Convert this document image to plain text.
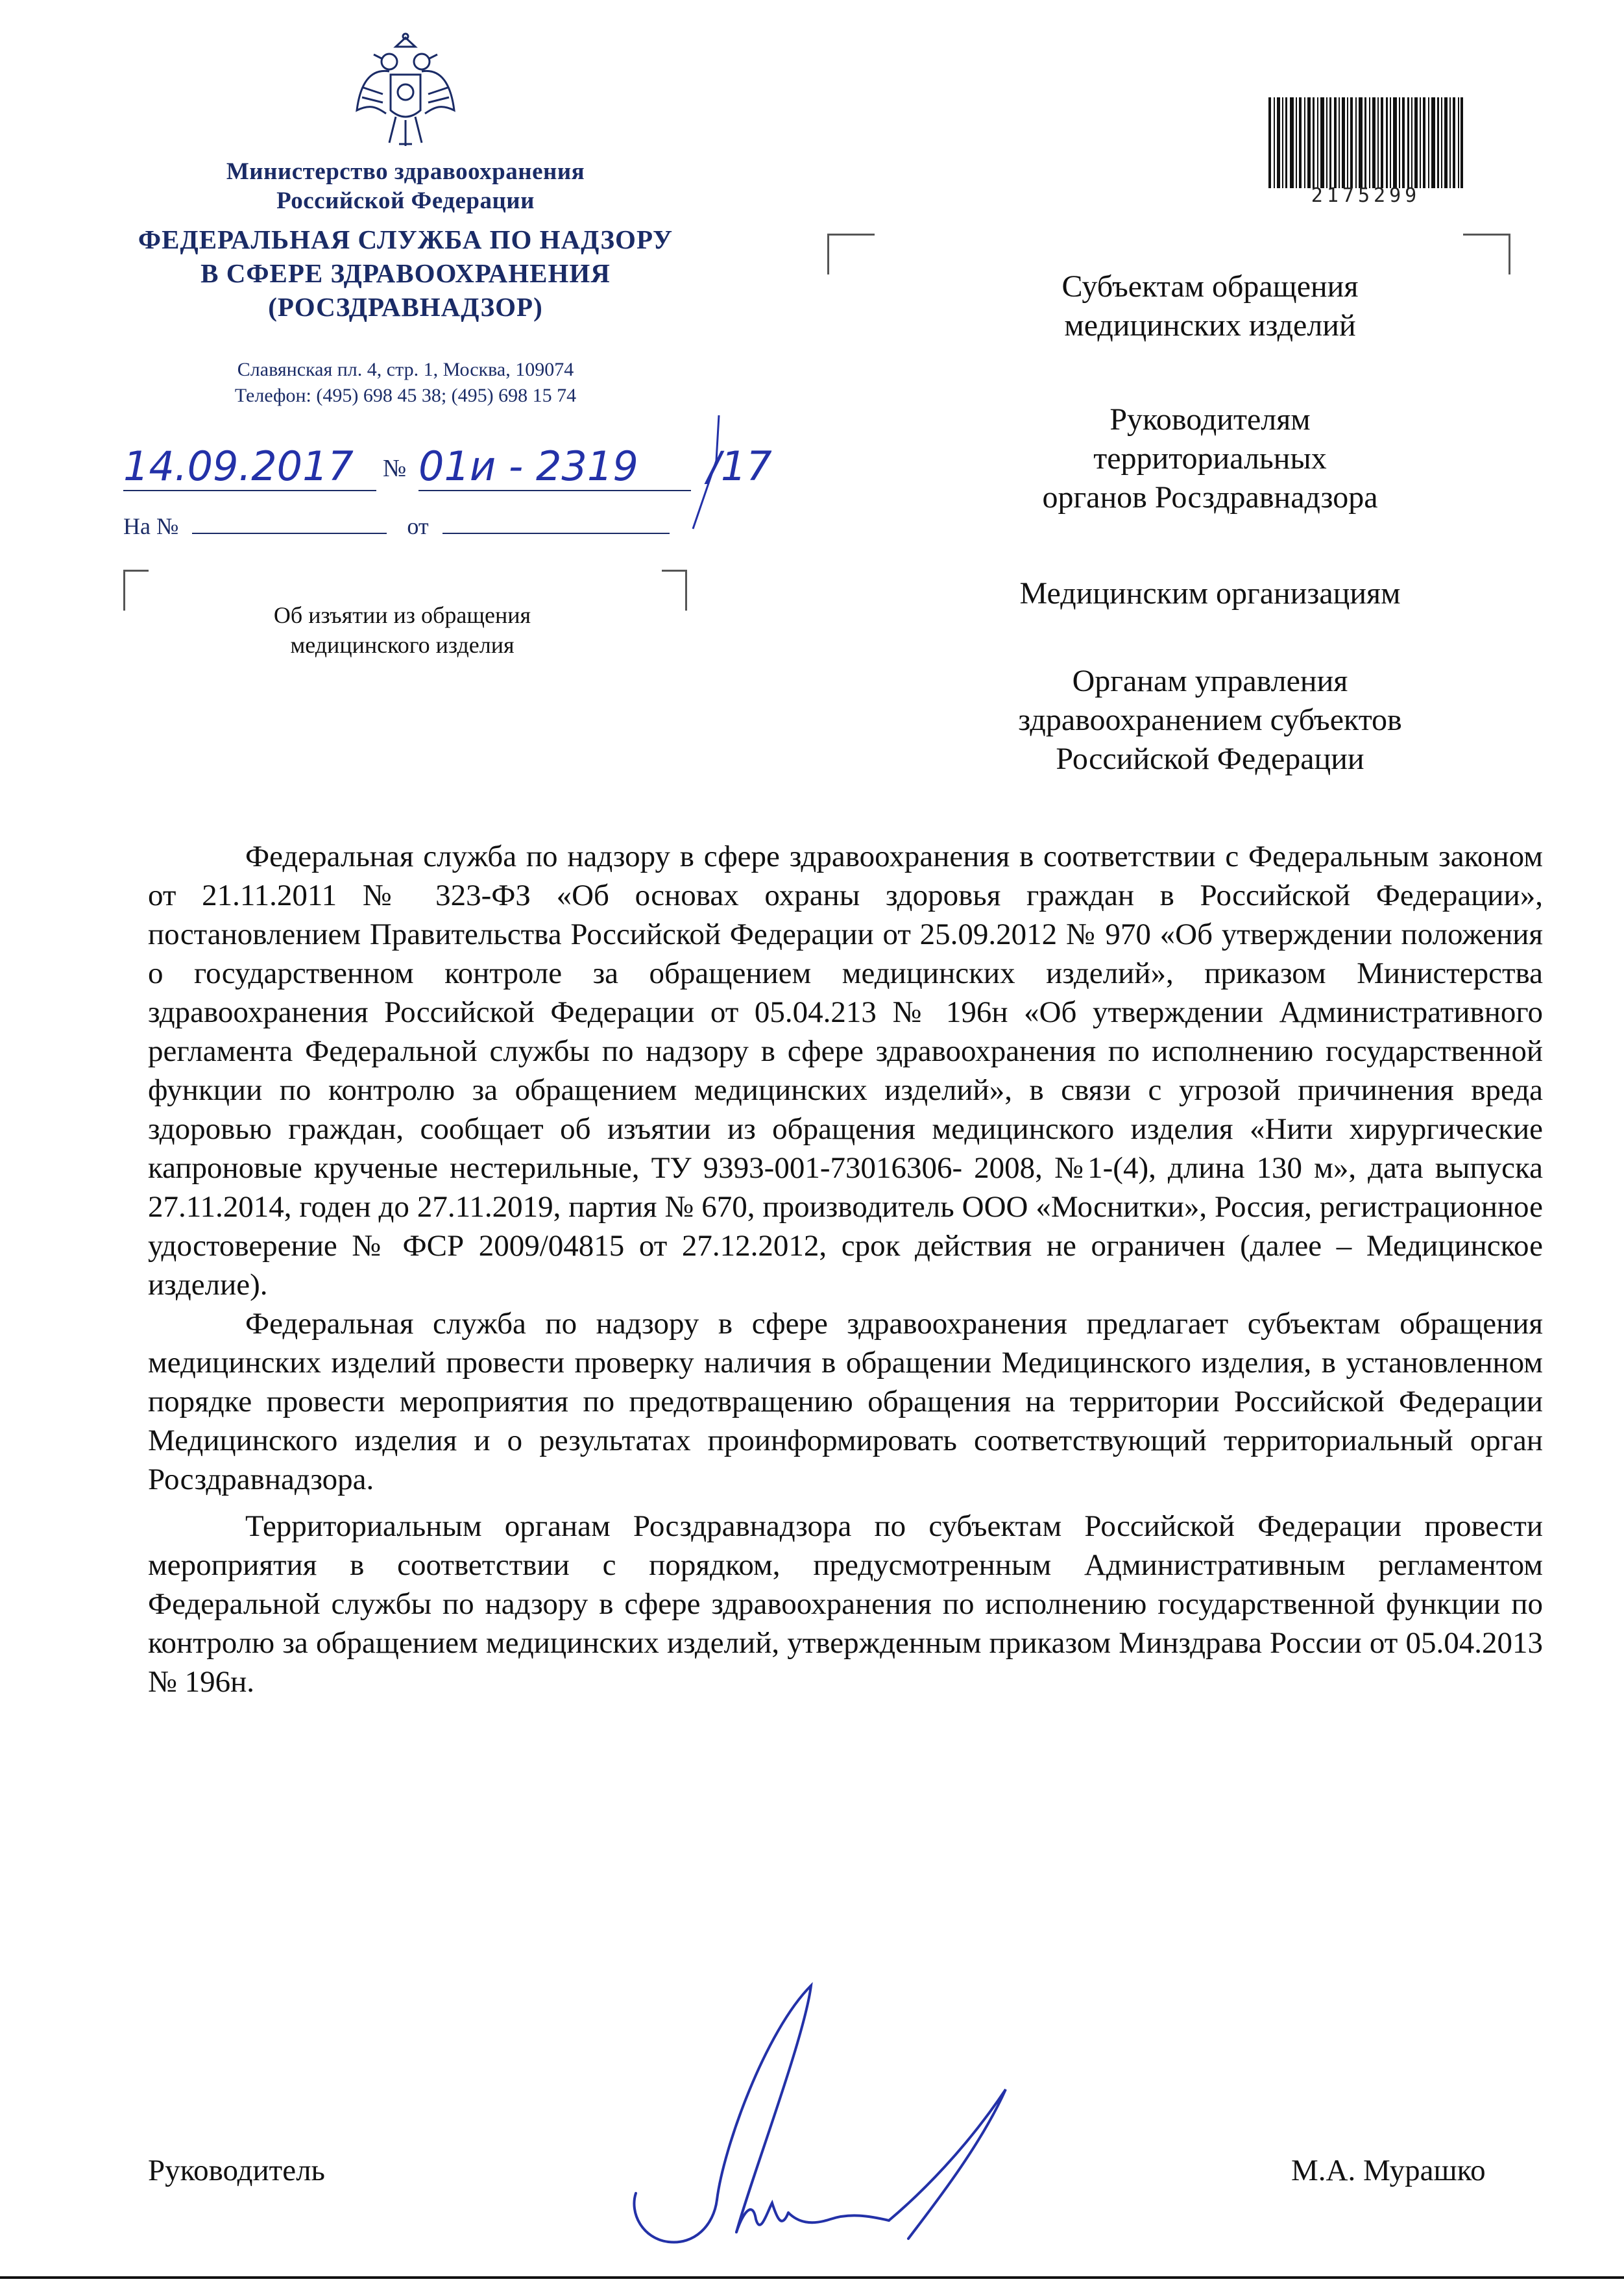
Министерство здравоохранения
Российской Федерации
ФЕДЕРАЛЬНАЯ СЛУЖБА ПО НАДЗОРУ
В СФЕРЕ ЗДРАВООХРАНЕНИЯ
(РОСЗДРАВНАДЗОР)
Славянская пл. 4, стр. 1, Москва, 109074
Телефон: (495) 698 45 38; (495) 698 15 74
14.09.2017	№ 01и - 2319	/17
На №	от
Об изъятии из обращения
медицинского изделия
2175299
Субъектам обращения
медицинских изделий
Руководителям
территориальных
органов Росздравнадзора
Медицинским организациям
Органам управления
здравоохранением субъектов
Российской Федерации

Федеральная служба по надзору в сфере здравоохранения в соответствии с Федеральным законом от 21.11.2011 № 323-ФЗ «Об основах охраны здоровья граждан в Российской Федерации», постановлением Правительства Российской Федерации от 25.09.2012 № 970 «Об утверждении положения о государственном контроле за обращением медицинских изделий», приказом Министерства здравоохранения Российской Федерации от 05.04.213 № 196н «Об утверждении Административного регламента Федеральной службы по надзору в сфере здравоохранения по исполнению государственной функции по контролю за обращением медицинских изделий», в связи с угрозой причинения вреда здоровью граждан, сообщает об изъятии из обращения медицинского изделия «Нити хирургические капроновые крученые нестерильные, ТУ 9393-001-73016306- 2008, №1-(4), длина 130 м», дата выпуска 27.11.2014, годен до 27.11.2019, партия № 670, производитель ООО «Моснитки», Россия, регистрационное удостоверение № ФСР 2009/04815 от 27.12.2012, срок действия не ограничен (далее – Медицинское изделие).

Федеральная служба по надзору в сфере здравоохранения предлагает субъектам обращения медицинских изделий провести проверку наличия в обращении Медицинского изделия, в установленном порядке провести мероприятия по предотвращению обращения на территории Российской Федерации Медицинского изделия и о результатах проинформировать соответствующий территориальный орган Росздравнадзора.

Территориальным органам Росздравнадзора по субъектам Российской Федерации провести мероприятия в соответствии с порядком, предусмотренным Административным регламентом Федеральной службы по надзору в сфере здравоохранения по исполнению государственной функции по контролю за обращением медицинских изделий, утвержденным приказом Минздрава России от 05.04.2013 № 196н.

Руководитель	М.А. Мурашко
